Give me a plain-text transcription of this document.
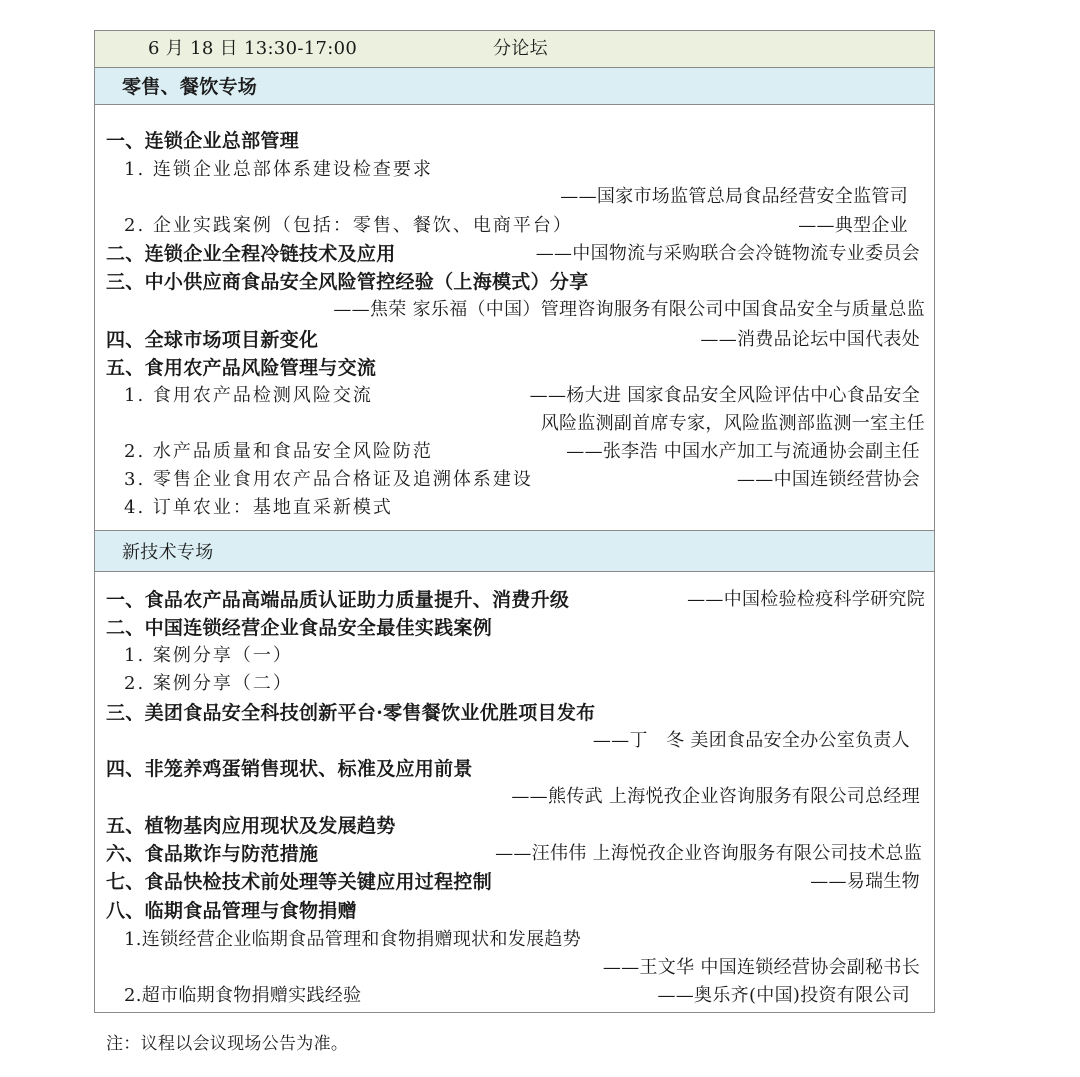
6 月 18 日 13:30-17:00	分论坛
零售、餐饮专场
一、连锁企业总部管理
1. 连锁企业总部体系建设检查要求
——国家市场监管总局食品经营安全监管司
2. 企业实践案例（包括：零售、餐饮、电商平台）	——典型企业
二、连锁企业全程冷链技术及应用	——中国物流与采购联合会冷链物流专业委员会
三、中小供应商食品安全风险管控经验（上海模式）分享
——焦荣 家乐福（中国）管理咨询服务有限公司中国食品安全与质量总监
四、全球市场项目新变化	——消费品论坛中国代表处
五、食用农产品风险管理与交流
1. 食用农产品检测风险交流	——杨大进 国家食品安全风险评估中心食品安全
风险监测副首席专家，风险监测部监测一室主任
2. 水产品质量和食品安全风险防范	——张李浩 中国水产加工与流通协会副主任
3. 零售企业食用农产品合格证及追溯体系建设	——中国连锁经营协会
4. 订单农业：基地直采新模式
新技术专场
一、食品农产品高端品质认证助力质量提升、消费升级	——中国检验检疫科学研究院
二、中国连锁经营企业食品安全最佳实践案例
1. 案例分享（一）
2. 案例分享（二）
三、美团食品安全科技创新平台·零售餐饮业优胜项目发布
——丁　冬 美团食品安全办公室负责人
四、非笼养鸡蛋销售现状、标准及应用前景
——熊传武 上海悦孜企业咨询服务有限公司总经理
五、植物基肉应用现状及发展趋势
六、食品欺诈与防范措施	——汪伟伟 上海悦孜企业咨询服务有限公司技术总监
七、食品快检技术前处理等关键应用过程控制	——易瑞生物
八、临期食品管理与食物捐赠
1.连锁经营企业临期食品管理和食物捐赠现状和发展趋势
——王文华 中国连锁经营协会副秘书长
2.超市临期食物捐赠实践经验	——奥乐齐(中国)投资有限公司
注：议程以会议现场公告为准。
